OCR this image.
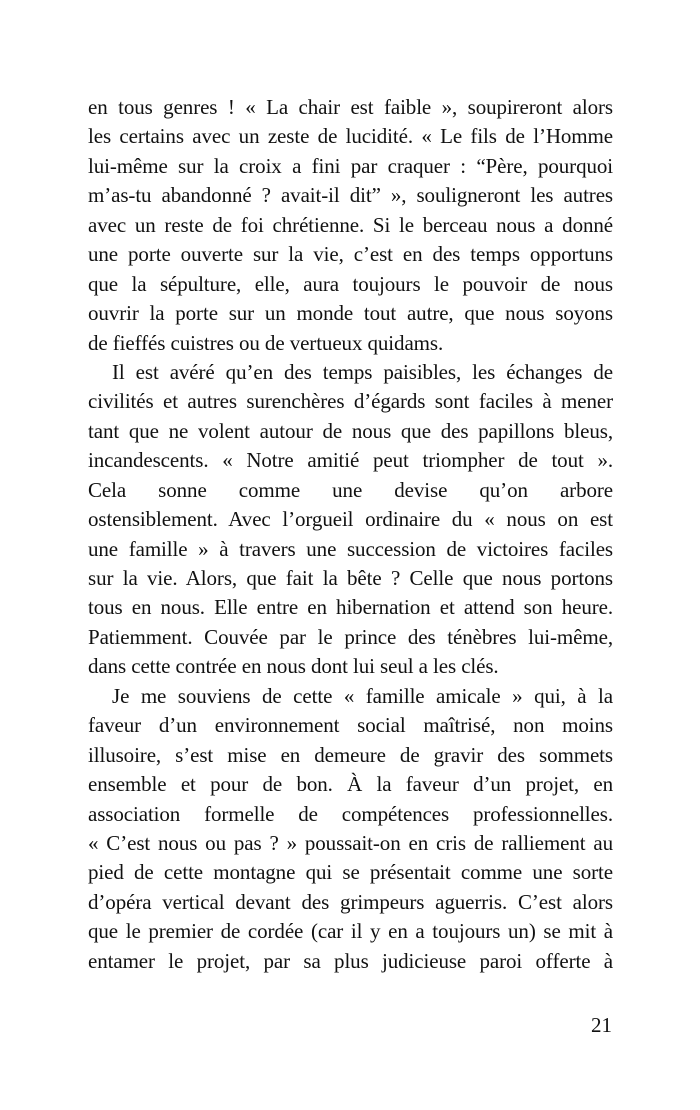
en tous genres ! « La chair est faible », soupireront alors
les certains avec un zeste de lucidité. « Le fils de l’Homme
lui-même sur la croix a fini par craquer : “Père, pourquoi
m’as-tu abandonné ? avait-il dit” », souligneront les autres
avec un reste de foi chrétienne. Si le berceau nous a donné
une porte ouverte sur la vie, c’est en des temps opportuns
que la sépulture, elle, aura toujours le pouvoir de nous
ouvrir la porte sur un monde tout autre, que nous soyons
de fieffés cuistres ou de vertueux quidams.
Il est avéré qu’en des temps paisibles, les échanges de
civilités et autres surenchères d’égards sont faciles à mener
tant que ne volent autour de nous que des papillons bleus,
incandescents. « Notre amitié peut triompher de tout ».
Cela sonne comme une devise qu’on arbore
ostensiblement. Avec l’orgueil ordinaire du « nous on est
une famille » à travers une succession de victoires faciles
sur la vie. Alors, que fait la bête ? Celle que nous portons
tous en nous. Elle entre en hibernation et attend son heure.
Patiemment. Couvée par le prince des ténèbres lui-même,
dans cette contrée en nous dont lui seul a les clés.
Je me souviens de cette « famille amicale » qui, à la
faveur d’un environnement social maîtrisé, non moins
illusoire, s’est mise en demeure de gravir des sommets
ensemble et pour de bon. À la faveur d’un projet, en
association formelle de compétences professionnelles.
« C’est nous ou pas ? » poussait-on en cris de ralliement au
pied de cette montagne qui se présentait comme une sorte
d’opéra vertical devant des grimpeurs aguerris. C’est alors
que le premier de cordée (car il y en a toujours un) se mit à
entamer le projet, par sa plus judicieuse paroi offerte à
21
